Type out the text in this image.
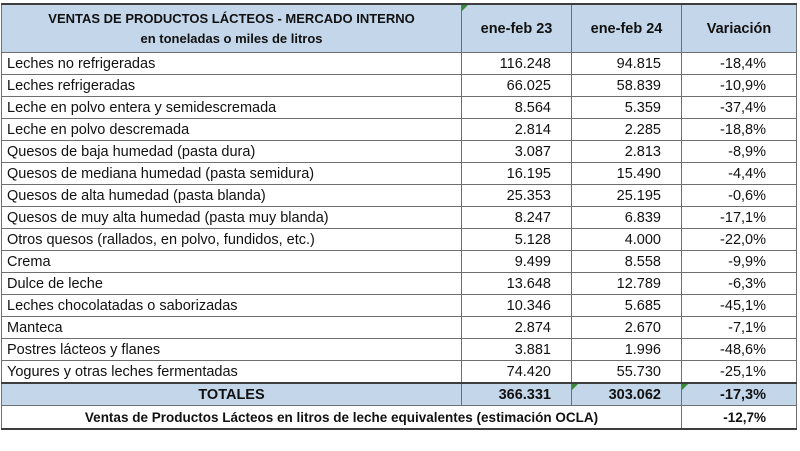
VENTAS DE PRODUCTOS LÁCTEOS - MERCADO INTERNO
en toneladas o miles de litros	ene-feb 23	ene-feb 24	Variación
Leches no refrigeradas	116.248	94.815	-18,4%
Leches refrigeradas	66.025	58.839	-10,9%
Leche en polvo entera y semidescremada	8.564	5.359	-37,4%
Leche en polvo descremada	2.814	2.285	-18,8%
Quesos de baja humedad (pasta dura)	3.087	2.813	-8,9%
Quesos de mediana humedad (pasta semidura)	16.195	15.490	-4,4%
Quesos de alta humedad (pasta blanda)	25.353	25.195	-0,6%
Quesos de muy alta humedad (pasta muy blanda)	8.247	6.839	-17,1%
Otros quesos (rallados, en polvo, fundidos, etc.)	5.128	4.000	-22,0%
Crema	9.499	8.558	-9,9%
Dulce de leche	13.648	12.789	-6,3%
Leches chocolatadas o saborizadas	10.346	5.685	-45,1%
Manteca	2.874	2.670	-7,1%
Postres lácteos y flanes	3.881	1.996	-48,6%
Yogures y otras leches fermentadas	74.420	55.730	-25,1%
TOTALES	366.331	303.062	-17,3%
Ventas de Productos Lácteos en litros de leche equivalentes (estimación OCLA)			-12,7%
